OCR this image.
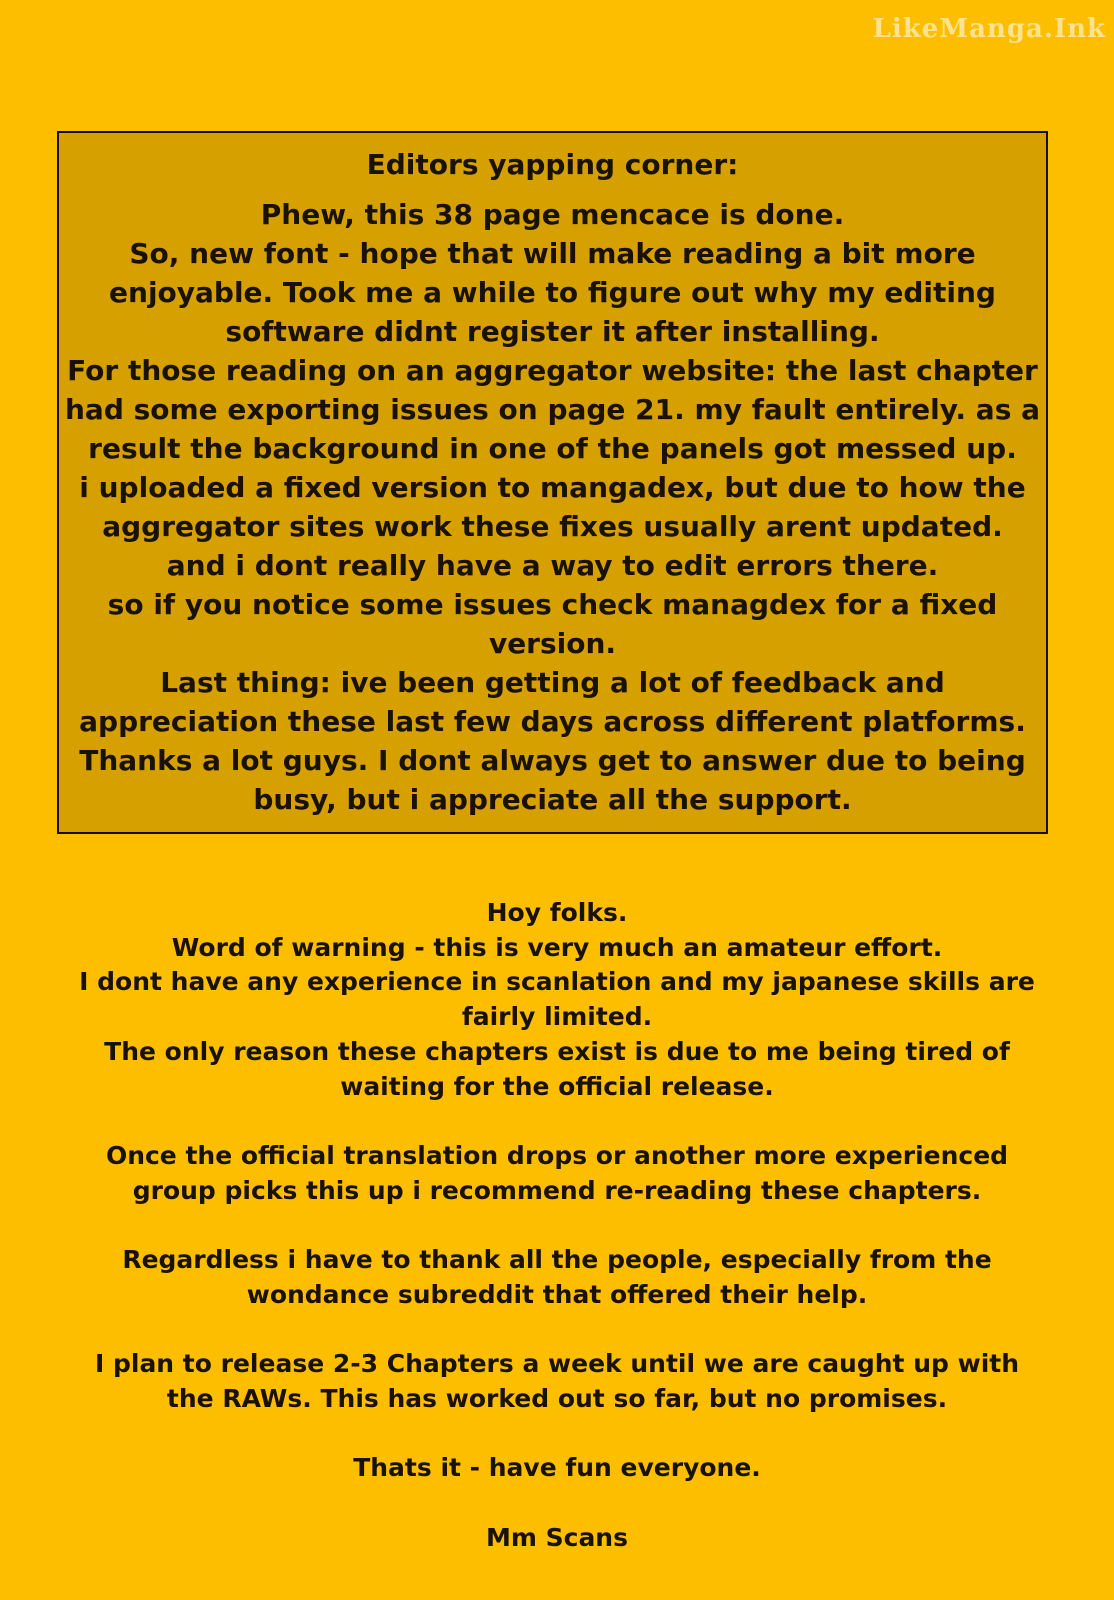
LikeManga.Ink

Editors yapping corner:

Phew, this 38 page mencace is done.

So, new font - hope that will make reading a bit more

enjoyable. Took me a while to figure out why my editing

software didnt register it after installing.

For those reading on an aggregator website: the last chapter

had some exporting issues on page 21. my fault entirely. as a

result the background in one of the panels got messed up.

i uploaded a fixed version to mangadex, but due to how the

aggregator sites work these fixes usually arent updated.

and i dont really have a way to edit errors there.

so if you notice some issues check managdex for a fixed

version.

Last thing: ive been getting a lot of feedback and

appreciation these last few days across different platforms.

Thanks a lot guys. I dont always get to answer due to being

busy, but i appreciate all the support.

Hoy folks.

Word of warning - this is very much an amateur effort.

I dont have any experience in scanlation and my japanese skills are

fairly limited.

The only reason these chapters exist is due to me being tired of

waiting for the official release.

Once the official translation drops or another more experienced

group picks this up i recommend re-reading these chapters.

Regardless i have to thank all the people, especially from the

wondance subreddit that offered their help.

I plan to release 2-3 Chapters a week until we are caught up with

the RAWs. This has worked out so far, but no promises.

Thats it - have fun everyone.

Mm Scans
